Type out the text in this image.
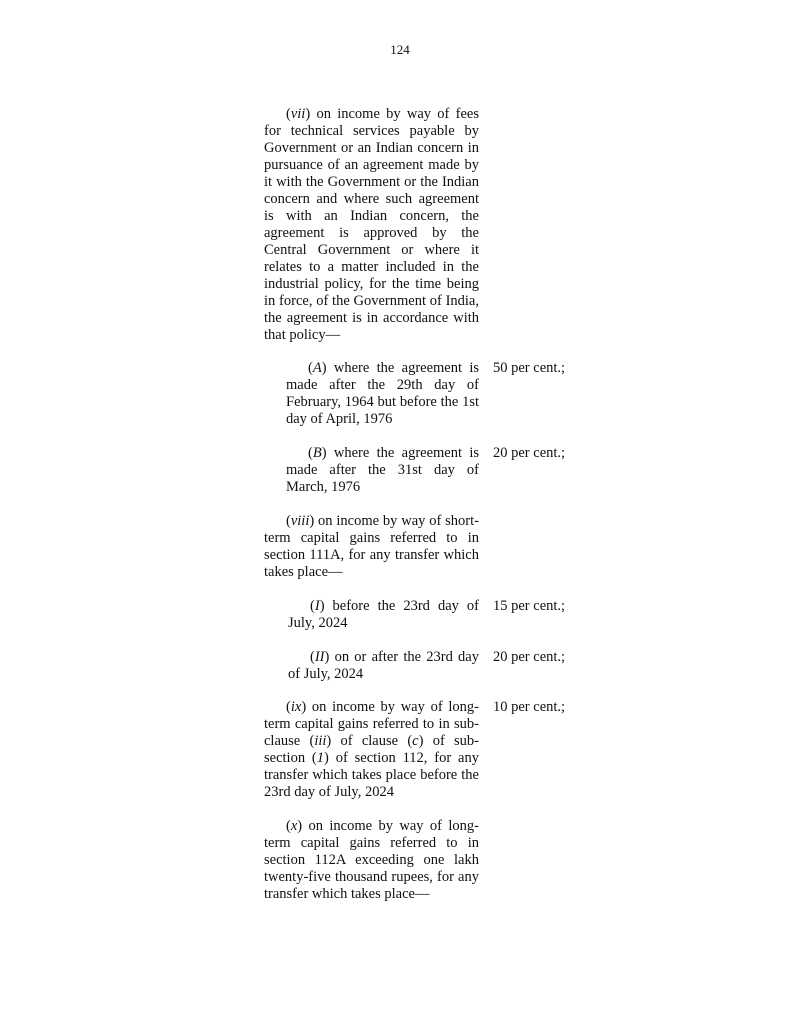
124

(vii) on income by way of fees for technical services payable by Government or an Indian concern in pursuance of an agreement made by it with the Government or the Indian concern and where such agreement is with an Indian concern, the agreement is approved by the Central Government or where it relates to a matter included in the industrial policy, for the time being in force, of the Government of India, the agreement is in accordance with that policy—

(A) where the agreement is made after the 29th day of February, 1964 but before the 1st day of April, 1976

50 per cent.;

(B) where the agreement is made after the 31st day of March, 1976

20 per cent.;

(viii) on income by way of short-term capital gains referred to in section 111A, for any transfer which takes place—

(I) before the 23rd day of July, 2024

15 per cent.;

(II) on or after the 23rd day of July, 2024

20 per cent.;

(ix) on income by way of long-term capital gains referred to in sub-clause (iii) of clause (c) of sub-section (1) of section 112, for any transfer which takes place before the 23rd day of July, 2024

10 per cent.;

(x) on income by way of long-term capital gains referred to in section 112A exceeding one lakh twenty-five thousand rupees, for any transfer which takes place—
